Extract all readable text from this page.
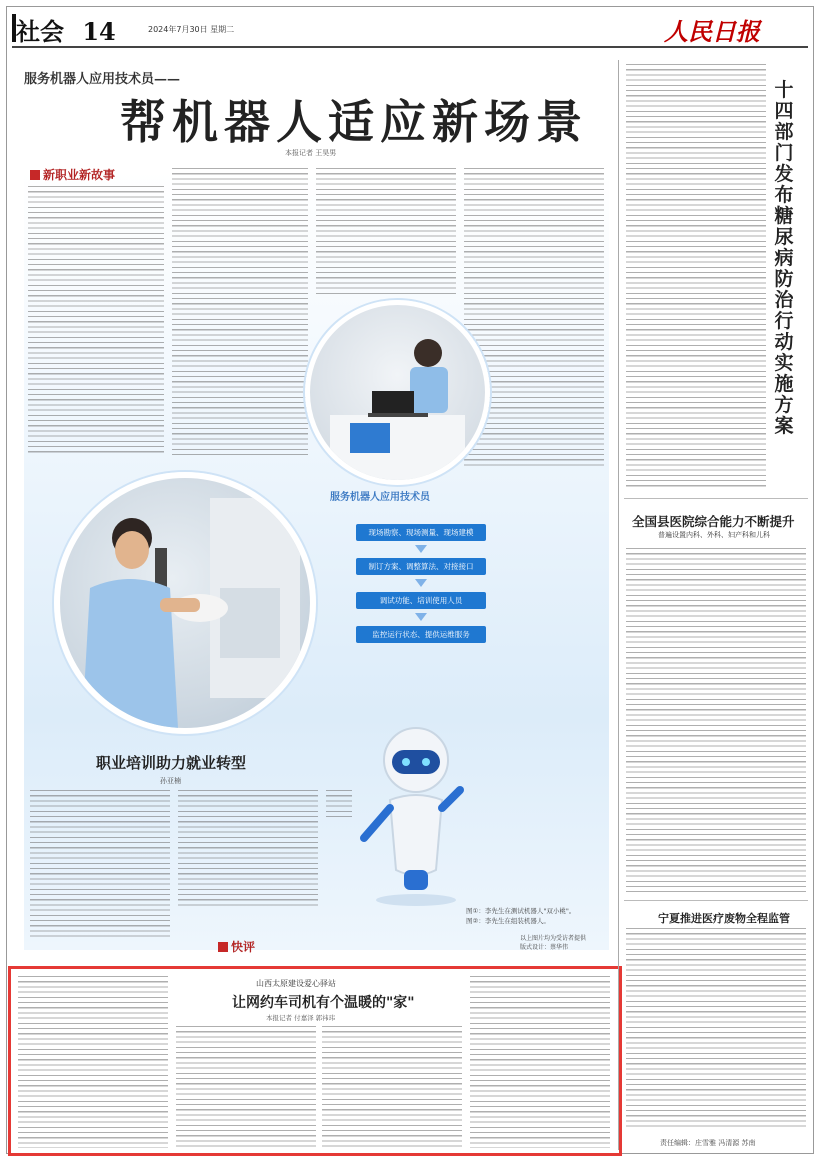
社会 14	2024年7月30日 星期二	人民日报
服务机器人应用技术员——
帮机器人适应新场景
本报记者 王昊男
新职业新故事
服务机器人应用技术员
现场勘察、现场测量、现场建模
制订方案、调整算法、对接接口
调试功能、培训使用人员
监控运行状态、提供运维服务
职业培训助力就业转型
孙亚楠
图①：李先生在测试机器人"双小桃"。
图②：李先生在组装机器人。
以上图片均为受访者提供
版式设计：蔡华伟
快评
山西太原建设爱心驿站
让网约车司机有个温暖的"家"
本报记者 付嘉泽 郭祎玮
十四部门发布糖尿病防治行动实施方案
全国县医院综合能力不断提升
普遍设置内科、外科、妇产科和儿科
宁夏推进医疗废物全程监管
责任编辑：庄雪雅 冯清源 苏南
